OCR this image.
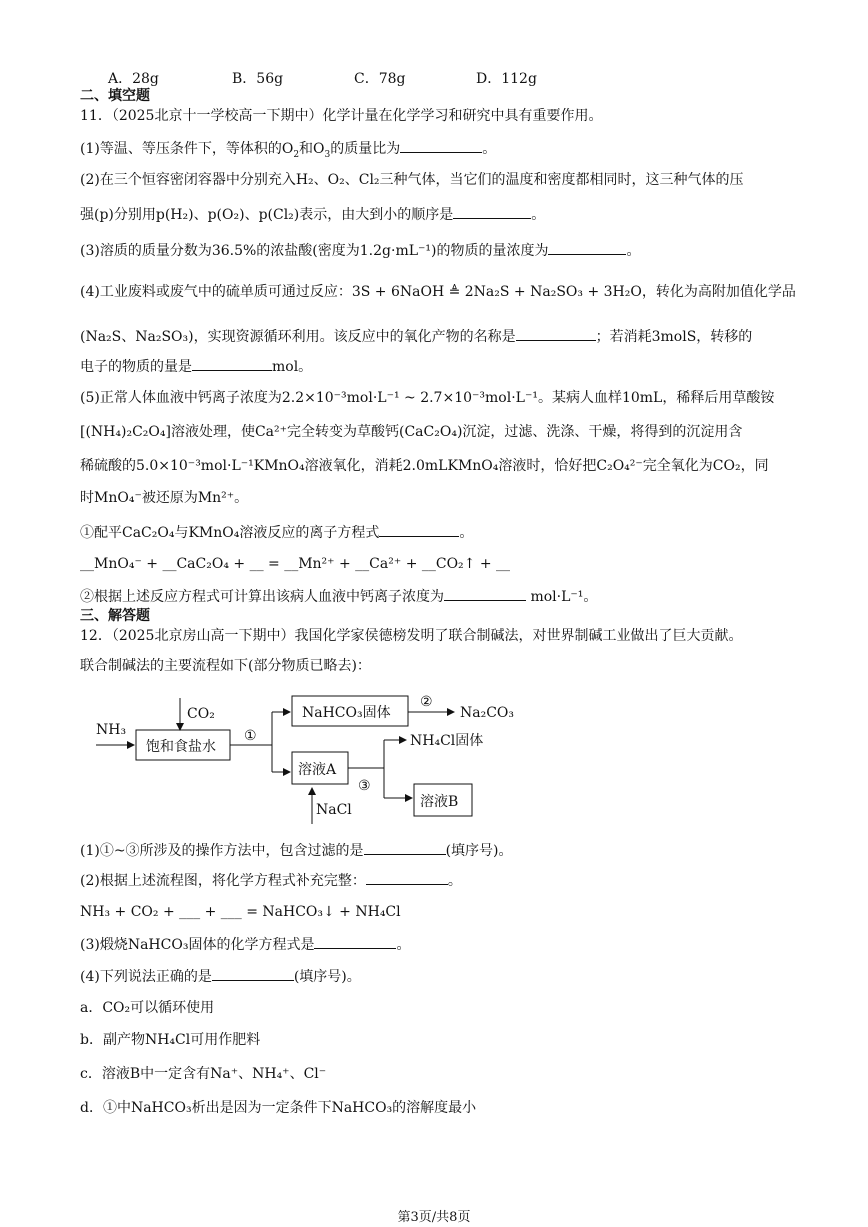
A．28g	B．56g	C．78g	D．112g
二、填空题
11．（2025北京十一学校高一下期中）化学计量在化学学习和研究中具有重要作用。
(1)等温、等压条件下，等体积的$O_2$和$O_3$的质量比为	。
(2)在三个恒容密闭容器中分别充入H₂、O₂、Cl₂三种气体，当它们的温度和密度都相同时，这三种气体的压
强(p)分别用p(H₂)、p(O₂)、p(Cl₂)表示，由大到小的顺序是	。
(3)溶质的质量分数为36.5%的浓盐酸(密度为1.2g·mL⁻¹)的物质的量浓度为	。
(4)工业废料或废气中的硫单质可通过反应：3S + 6NaOH ≜ 2Na₂S + Na₂SO₃ + 3H₂O，转化为高附加值化学品
(Na₂S、Na₂SO₃)，实现资源循环利用。该反应中的氧化产物的名称是	；若消耗3molS，转移的
电子的物质的量是	mol。
(5)正常人体血液中钙离子浓度为2.2×10⁻³mol·L⁻¹ ~ 2.7×10⁻³mol·L⁻¹。某病人血样10mL，稀释后用草酸铵
[(NH₄)₂C₂O₄]溶液处理，使Ca²⁺完全转变为草酸钙(CaC₂O₄)沉淀，过滤、洗涤、干燥，将得到的沉淀用含
稀硫酸的5.0×10⁻³mol·L⁻¹KMnO₄溶液氧化，消耗2.0mLKMnO₄溶液时，恰好把C₂O₄²⁻完全氧化为CO₂，同
时MnO₄⁻被还原为Mn²⁺。
①配平CaC₂O₄与KMnO₄溶液反应的离子方程式	。
__MnO₄⁻ + __CaC₂O₄ + __ = __Mn²⁺ + __Ca²⁺ + __CO₂↑ + __
②根据上述反应方程式可计算出该病人血液中钙离子浓度为	mol·L⁻¹。
三、解答题
12．（2025北京房山高一下期中）我国化学家侯德榜发明了联合制碱法，对世界制碱工业做出了巨大贡献。
联合制碱法的主要流程如下(部分物质已略去)：
NH₃
CO₂
饱和食盐水
①
NaHCO₃固体
②
Na₂CO₃
溶液A
NaCl
③
NH₄Cl固体
溶液B
(1)①~③所涉及的操作方法中，包含过滤的是	(填序号)。
(2)根据上述流程图，将化学方程式补充完整：	。
NH₃ + CO₂ + ___ + ___ = NaHCO₃↓ + NH₄Cl
(3)煅烧NaHCO₃固体的化学方程式是	。
(4)下列说法正确的是	(填序号)。
a．CO₂可以循环使用
b．副产物NH₄Cl可用作肥料
c．溶液B中一定含有Na⁺、NH₄⁺、Cl⁻
d．①中NaHCO₃析出是因为一定条件下NaHCO₃的溶解度最小
第3页/共8页
